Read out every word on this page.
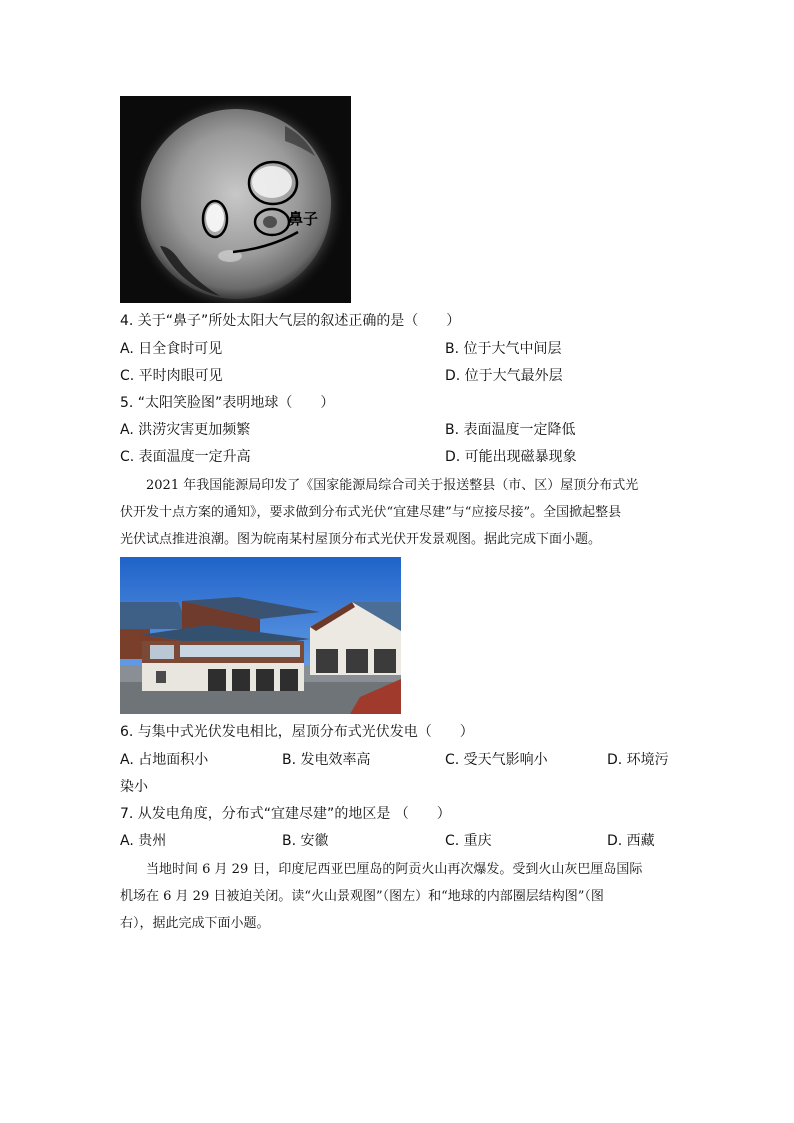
鼻子
4. 关于“鼻子”所处太阳大气层的叙述正确的是（　　）
A. 日全食时可见	B. 位于大气中间层
C. 平时肉眼可见	D. 位于大气最外层
5. “太阳笑脸图”表明地球（　　）
A. 洪涝灾害更加频繁	B. 表面温度一定降低
C. 表面温度一定升高	D. 可能出现磁暴现象
2021 年我国能源局印发了《国家能源局综合司关于报送整县（市、区）屋顶分布式光
伏开发十点方案的通知》，要求做到分布式光伏“宜建尽建”与“应接尽接”。全国掀起整县
光伏试点推进浪潮。图为皖南某村屋顶分布式光伏开发景观图。据此完成下面小题。
6. 与集中式光伏发电相比，屋顶分布式光伏发电（　　）
A. 占地面积小	B. 发电效率高	C. 受天气影响小	D. 环境污
染小
7. 从发电角度，分布式“宜建尽建”的地区是 （　　）
A. 贵州	B. 安徽	C. 重庆	D. 西藏
当地时间 6 月 29 日，印度尼西亚巴厘岛的阿贡火山再次爆发。受到火山灰巴厘岛国际
机场在 6 月 29 日被迫关闭。读“火山景观图”（图左）和“地球的内部圈层结构图”（图
右），据此完成下面小题。
